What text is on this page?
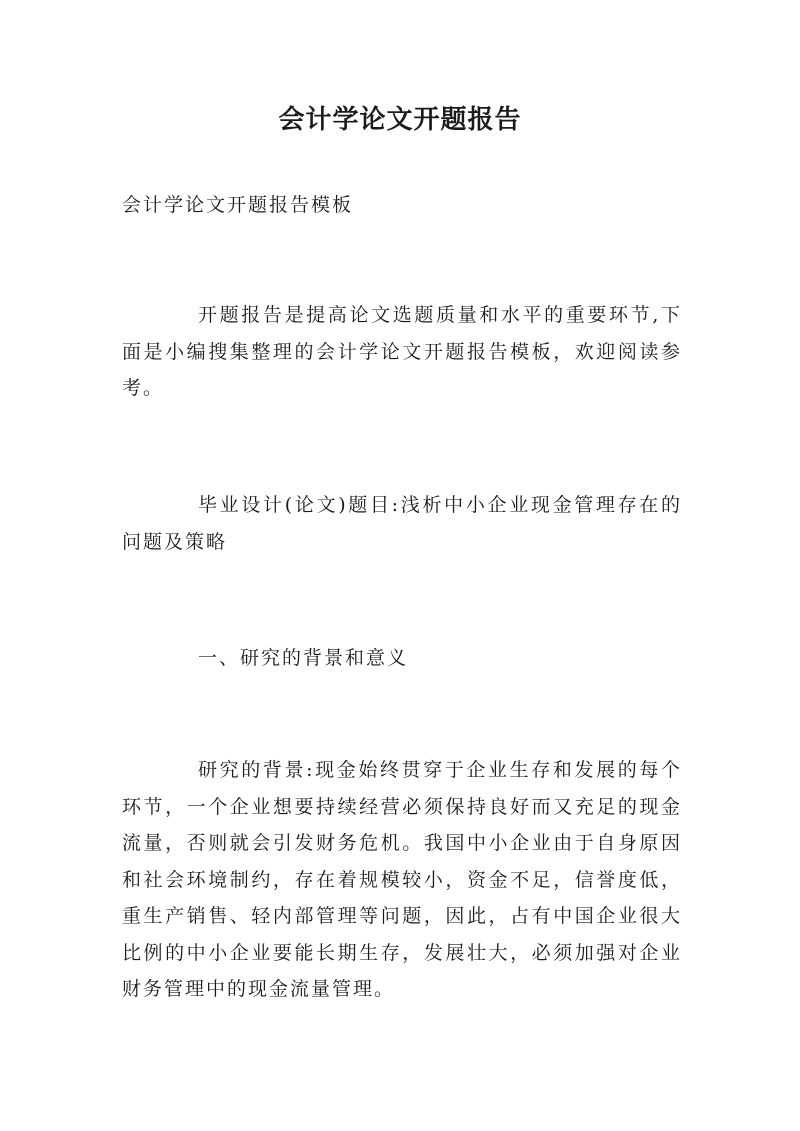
会计学论文开题报告

会计学论文开题报告模板

开题报告是提高论文选题质量和水平的重要环节,下面是小编搜集整理的会计学论文开题报告模板，欢迎阅读参考。

毕业设计(论文)题目:浅析中小企业现金管理存在的问题及策略

一、研究的背景和意义

研究的背景:现金始终贯穿于企业生存和发展的每个环节，一个企业想要持续经营必须保持良好而又充足的现金流量，否则就会引发财务危机。我国中小企业由于自身原因和社会环境制约，存在着规模较小，资金不足，信誉度低，重生产销售、轻内部管理等问题，因此，占有中国企业很大比例的中小企业要能长期生存，发展壮大，必须加强对企业财务管理中的现金流量管理。
